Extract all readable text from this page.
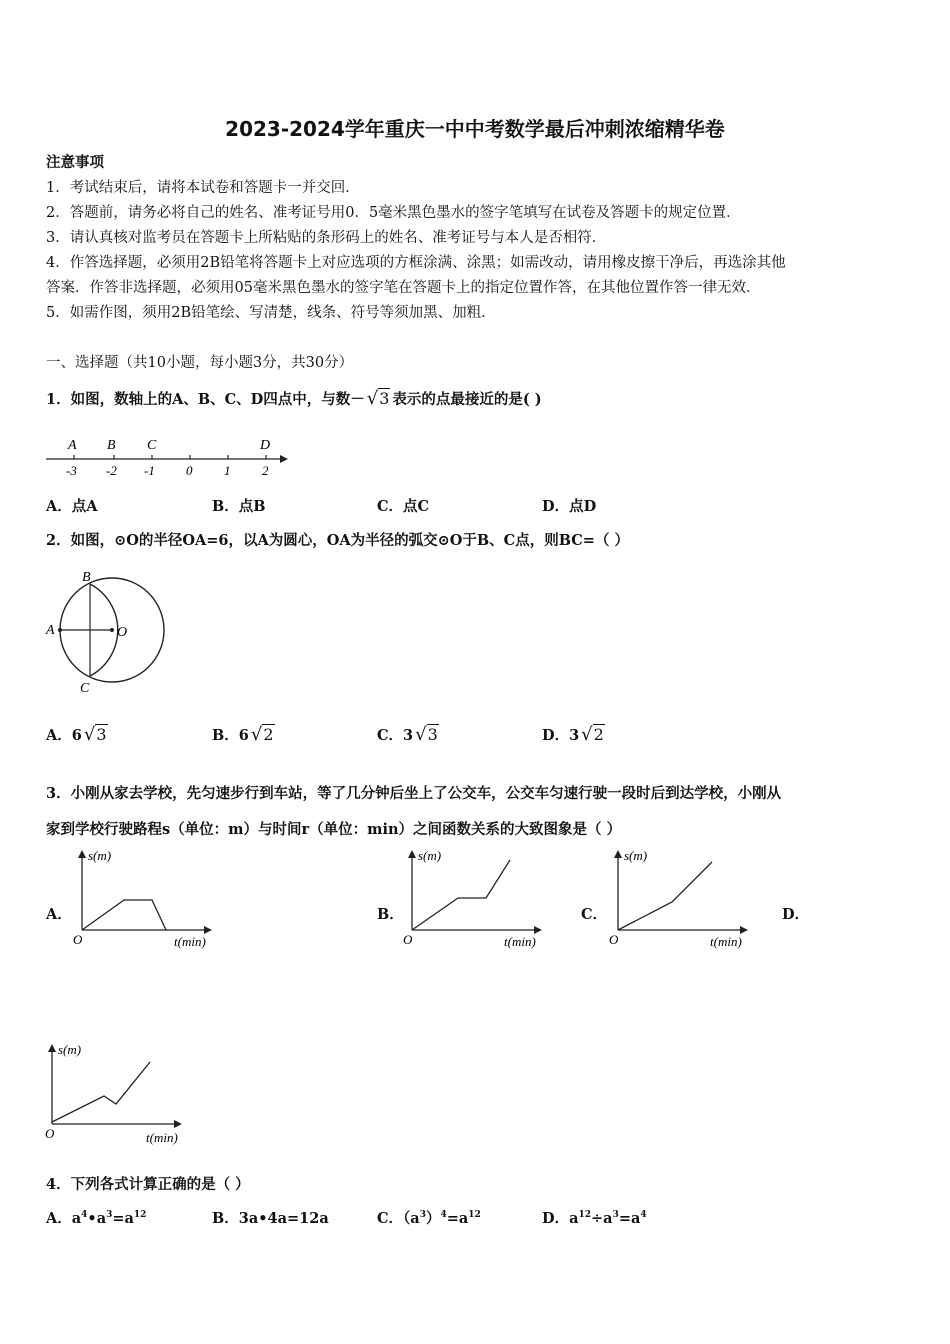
2023-2024学年重庆一中中考数学最后冲刺浓缩精华卷
注意事项
1．考试结束后，请将本试卷和答题卡一并交回．
2．答题前，请务必将自己的姓名、准考证号用0．5毫米黑色墨水的签字笔填写在试卷及答题卡的规定位置．
3．请认真核对监考员在答题卡上所粘贴的条形码上的姓名、准考证号与本人是否相符．
4．作答选择题，必须用2B铅笔将答题卡上对应选项的方框涂满、涂黑；如需改动，请用橡皮擦干净后，再选涂其他
答案．作答非选择题，必须用05毫米黑色墨水的签字笔在答题卡上的指定位置作答，在其他位置作答一律无效．
5．如需作图，须用2B铅笔绘、写清楚，线条、符号等须加黑、加粗．
一、选择题（共10小题，每小题3分，共30分）
1．如图，数轴上的A、B、C、D四点中，与数－ √3 表示的点最接近的是( )
A B C	D
-3 -2 -1 0 1 2
A．点A	B．点B	C．点C	D．点D
2．如图，⊙O的半径OA=6，以A为圆心，OA为半径的弧交⊙O于B、C点，则BC=（ ）
B
A	O
C
A．6 √3	B．6 √2	C．3 √3	D．3 √2
3．小刚从家去学校，先匀速步行到车站，等了几分钟后坐上了公交车，公交车匀速行驶一段时后到达学校，小刚从
家到学校行驶路程s（单位：m）与时间r（单位：min）之间函数关系的大致图象是（ ）
A．
s(m)
O	t(min)
B．
s(m)
O	t(min)
C．
s(m)
O	t(min)
D．
s(m)
O	t(min)
4．下列各式计算正确的是（ ）
A．$a^4•a^3=a^{12}$	B．3a•4a=12a	C．$(a^3)^4=a^{12}$	D．$a^{12}\div a^3=a^4$
